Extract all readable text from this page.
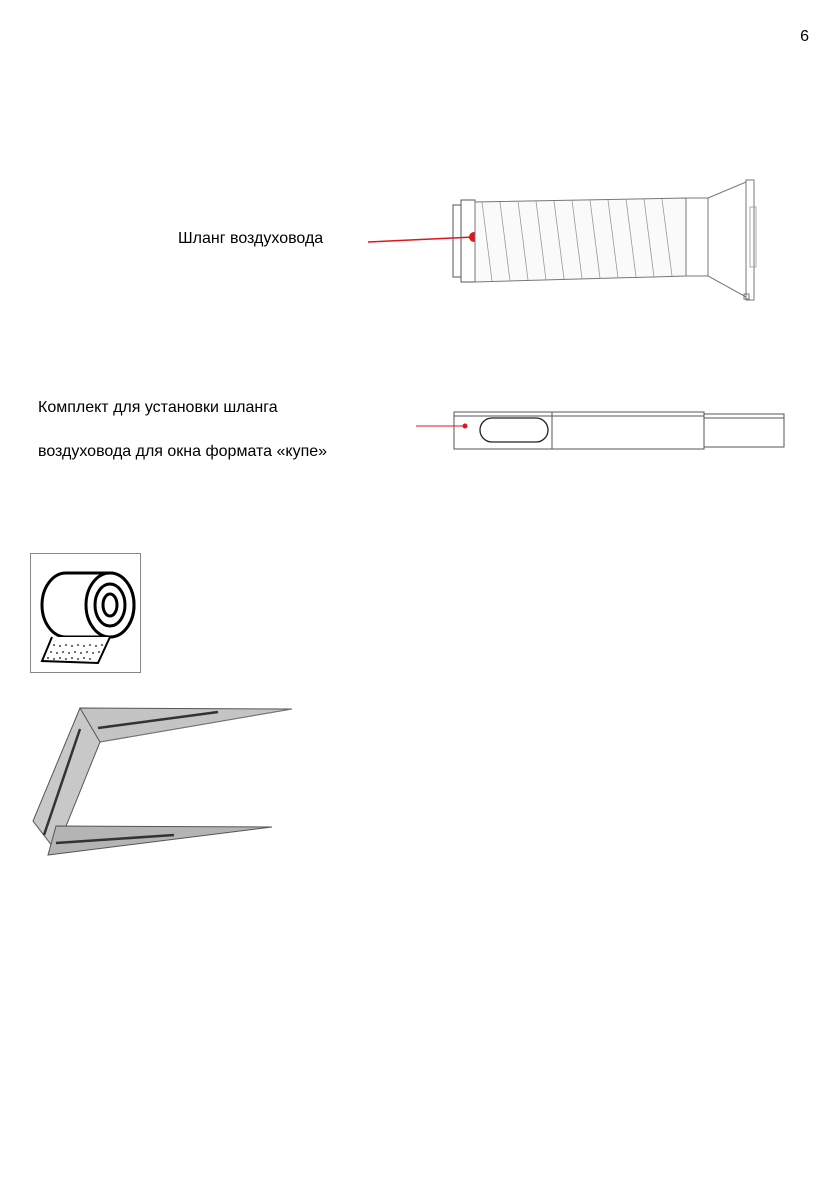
6
Шланг воздуховода
Комплект для установки шланга
воздуховода для окна формата «купе»
